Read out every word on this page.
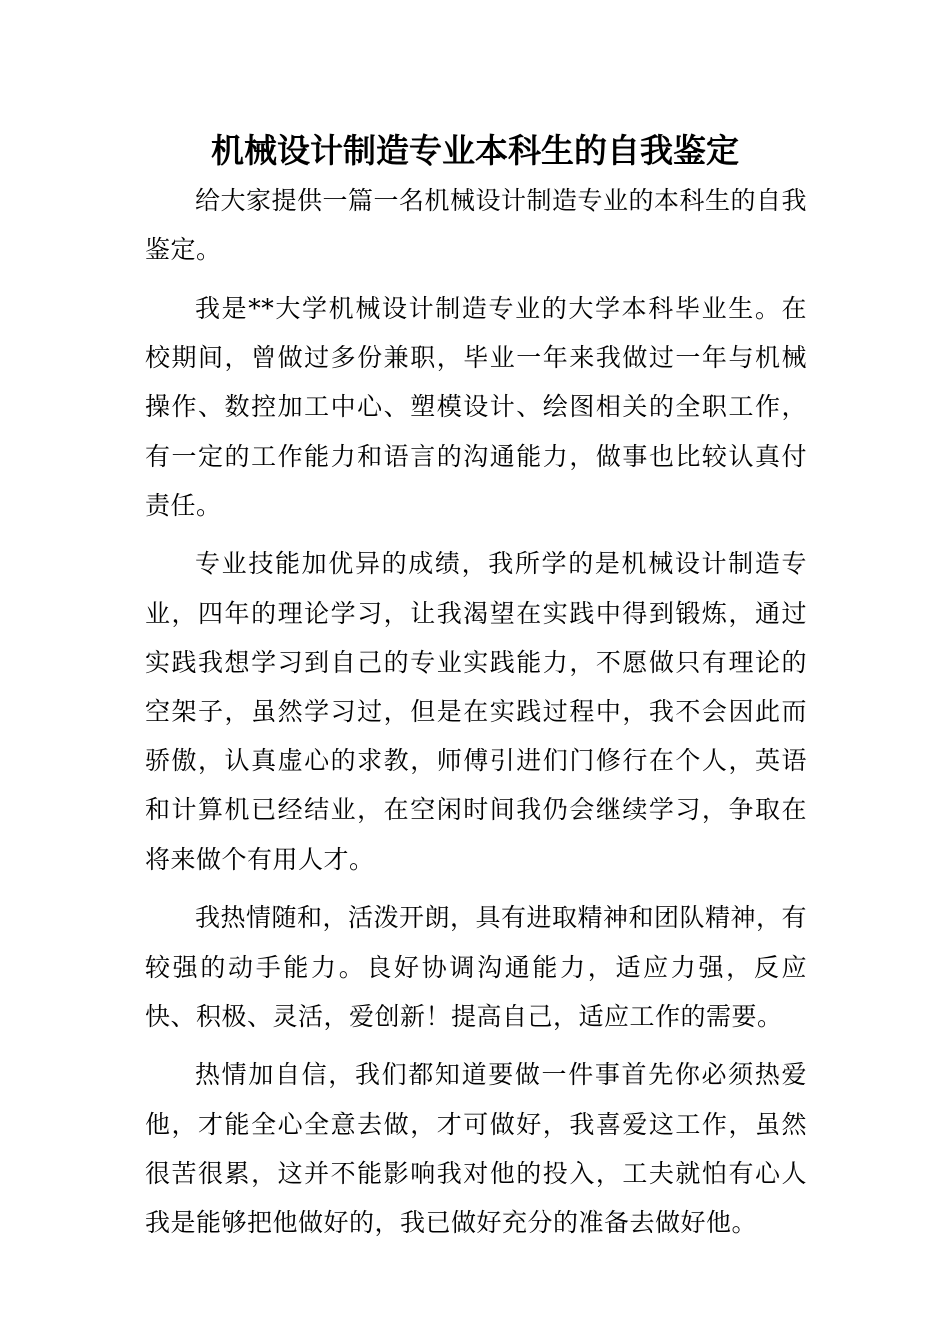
机械设计制造专业本科生的自我鉴定

给大家提供一篇一名机械设计制造专业的本科生的自我鉴定。

我是**大学机械设计制造专业的大学本科毕业生。在校期间，曾做过多份兼职，毕业一年来我做过一年与机械操作、数控加工中心、塑模设计、绘图相关的全职工作，有一定的工作能力和语言的沟通能力，做事也比较认真付责任。

专业技能加优异的成绩，我所学的是机械设计制造专业，四年的理论学习，让我渴望在实践中得到锻炼，通过实践我想学习到自己的专业实践能力，不愿做只有理论的空架子，虽然学习过，但是在实践过程中，我不会因此而骄傲，认真虚心的求教，师傅引进们门修行在个人，英语和计算机已经结业，在空闲时间我仍会继续学习，争取在将来做个有用人才。

我热情随和，活泼开朗，具有进取精神和团队精神，有较强的动手能力。良好协调沟通能力，适应力强，反应快、积极、灵活，爱创新！提高自己，适应工作的需要。

热情加自信，我们都知道要做一件事首先你必须热爱他，才能全心全意去做，才可做好，我喜爱这工作，虽然很苦很累，这并不能影响我对他的投入，工夫就怕有心人我是能够把他做好的，我已做好充分的准备去做好他。
